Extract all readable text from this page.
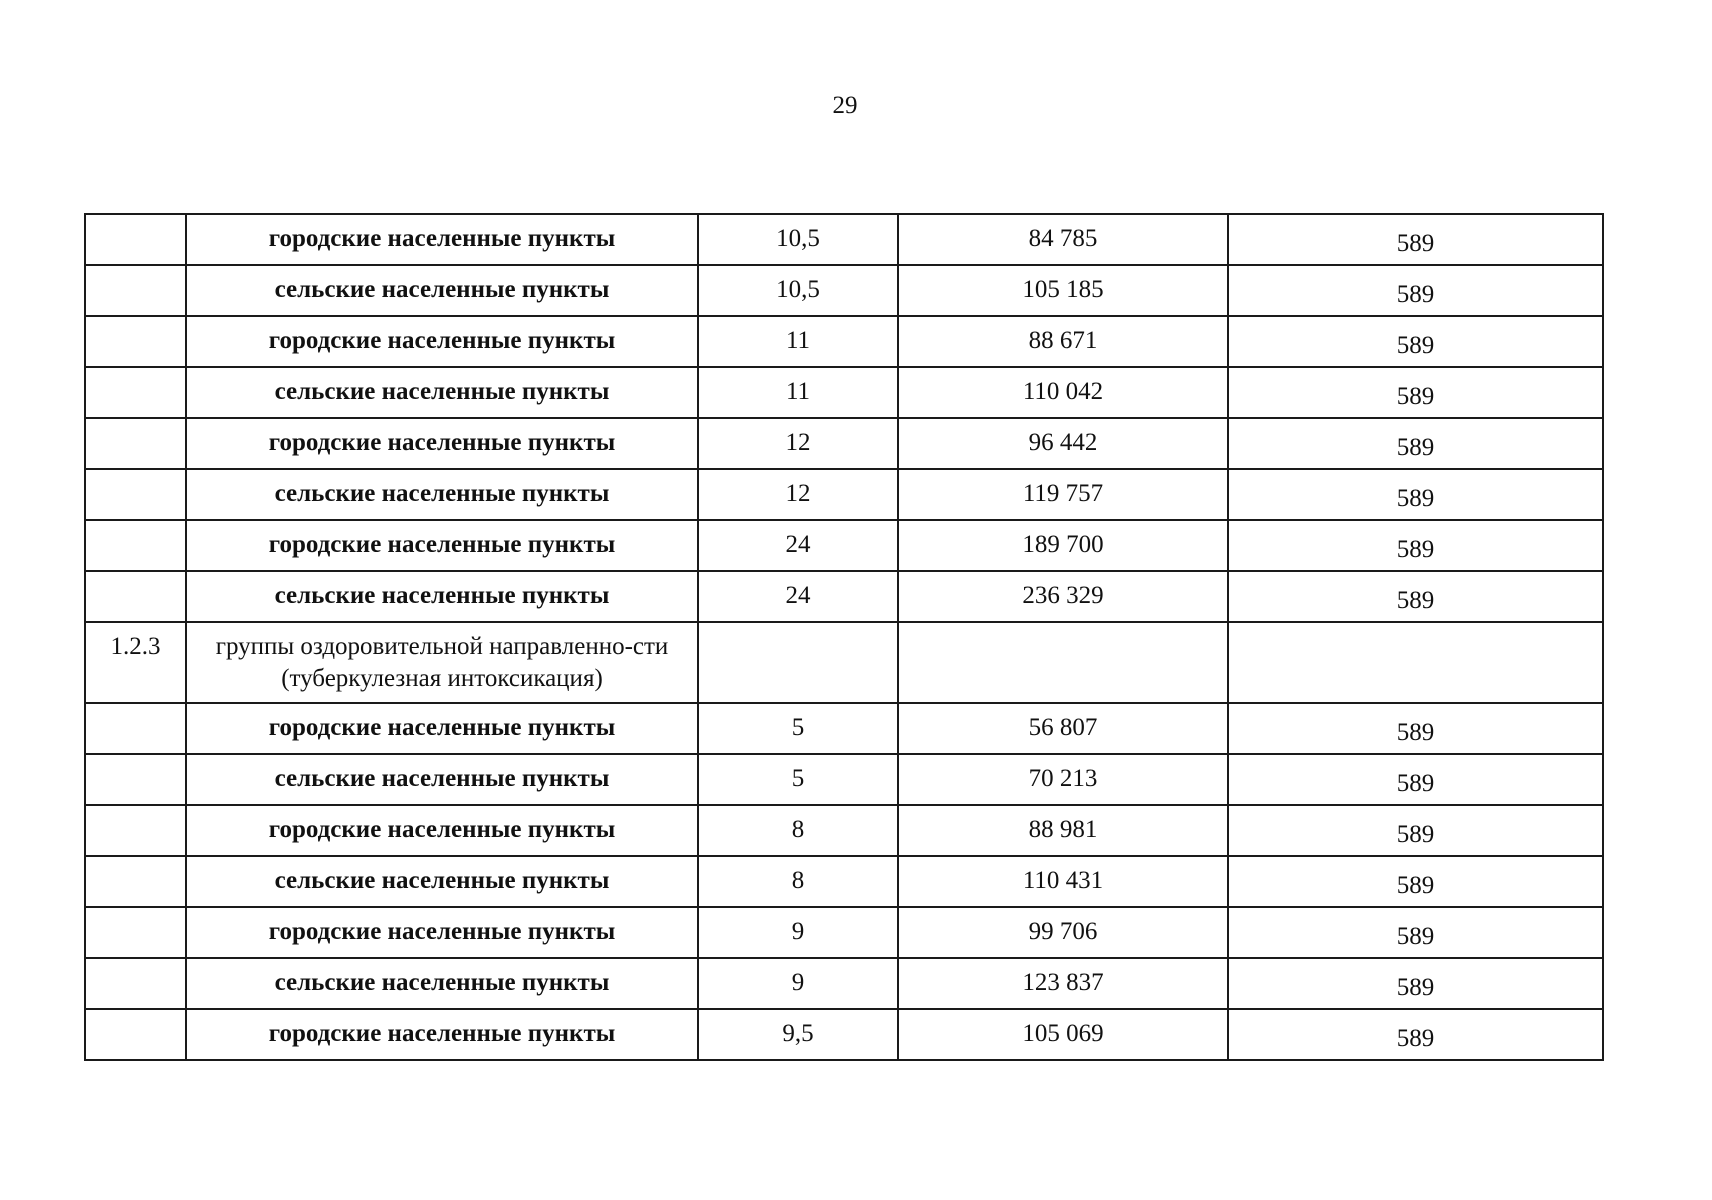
29
	городские населенные пункты	10,5	84 785	589
	сельские населенные пункты	10,5	105 185	589
	городские населенные пункты	11	88 671	589
	сельские населенные пункты	11	110 042	589
	городские населенные пункты	12	96 442	589
	сельские населенные пункты	12	119 757	589
	городские населенные пункты	24	189 700	589
	сельские населенные пункты	24	236 329	589
1.2.3	группы оздоровительной направленно-сти (туберкулезная интоксикация)			
	городские населенные пункты	5	56 807	589
	сельские населенные пункты	5	70 213	589
	городские населенные пункты	8	88 981	589
	сельские населенные пункты	8	110 431	589
	городские населенные пункты	9	99 706	589
	сельские населенные пункты	9	123 837	589
	городские населенные пункты	9,5	105 069	589
